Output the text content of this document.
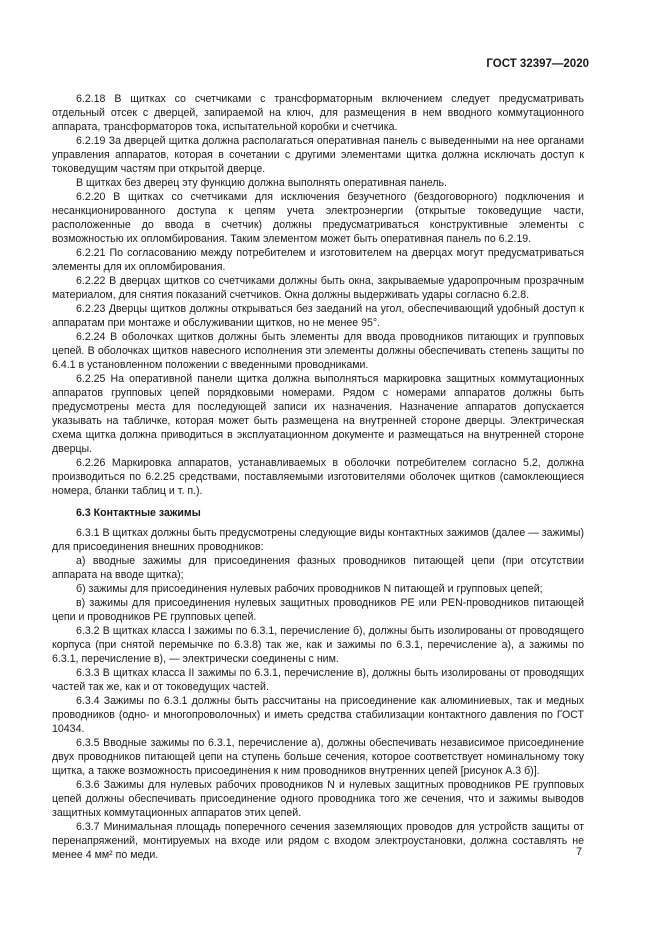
ГОСТ 32397—2020

6.2.18 В щитках со счетчиками с трансформаторным включением следует предусматривать отдельный отсек с дверцей, запираемой на ключ, для размещения в нем вводного коммутационного аппарата, трансформаторов тока, испытательной коробки и счетчика.

6.2.19 За дверцей щитка должна располагаться оперативная панель с выведенными на нее органами управления аппаратов, которая в сочетании с другими элементами щитка должна исключать доступ к токоведущим частям при открытой дверце.

В щитках без дверец эту функцию должна выполнять оперативная панель.

6.2.20 В щитках со счетчиками для исключения безучетного (бездоговорного) подключения и несанкционированного доступа к цепям учета электроэнергии (открытые токоведущие части, расположенные до ввода в счетчик) должны предусматриваться конструктивные элементы с возможностью их опломбирования. Таким элементом может быть оперативная панель по 6.2.19.

6.2.21 По согласованию между потребителем и изготовителем на дверцах могут предусматриваться элементы для их опломбирования.

6.2.22 В дверцах щитков со счетчиками должны быть окна, закрываемые ударопрочным прозрачным материалом, для снятия показаний счетчиков. Окна должны выдерживать удары согласно 6.2.8.

6.2.23 Дверцы щитков должны открываться без заеданий на угол, обеспечивающий удобный доступ к аппаратам при монтаже и обслуживании щитков, но не менее 95°.

6.2.24 В оболочках щитков должны быть элементы для ввода проводников питающих и групповых цепей. В оболочках щитков навесного исполнения эти элементы должны обеспечивать степень защиты по 6.4.1 в установленном положении с введенными проводниками.

6.2.25 На оперативной панели щитка должна выполняться маркировка защитных коммутационных аппаратов групповых цепей порядковыми номерами. Рядом с номерами аппаратов должны быть предусмотрены места для последующей записи их назначения. Назначение аппаратов допускается указывать на табличке, которая может быть размещена на внутренней стороне дверцы. Электрическая схема щитка должна приводиться в эксплуатационном документе и размещаться на внутренней стороне дверцы.

6.2.26 Маркировка аппаратов, устанавливаемых в оболочки потребителем согласно 5.2, должна производиться по 6.2.25 средствами, поставляемыми изготовителями оболочек щитков (самоклеющиеся номера, бланки таблиц и т. п.).

6.3 Контактные зажимы

6.3.1 В щитках должны быть предусмотрены следующие виды контактных зажимов (далее — зажимы) для присоединения внешних проводников:

а) вводные зажимы для присоединения фазных проводников питающей цепи (при отсутствии аппарата на вводе щитка);

б) зажимы для присоединения нулевых рабочих проводников N питающей и групповых цепей;

в) зажимы для присоединения нулевых защитных проводников PE или PEN-проводников питающей цепи и проводников PE групповых цепей.

6.3.2 В щитках класса I зажимы по 6.3.1, перечисление б), должны быть изолированы от проводящего корпуса (при снятой перемычке по 6.3.8) так же, как и зажимы по 6.3.1, перечисление а), а зажимы по 6.3.1, перечисление в), — электрически соединены с ним.

6.3.3 В щитках класса II зажимы по 6.3.1, перечисление в), должны быть изолированы от проводящих частей так же, как и от токоведущих частей.

6.3.4 Зажимы по 6.3.1 должны быть рассчитаны на присоединение как алюминиевых, так и медных проводников (одно- и многопроволочных) и иметь средства стабилизации контактного давления по ГОСТ 10434.

6.3.5 Вводные зажимы по 6.3.1, перечисление а), должны обеспечивать независимое присоединение двух проводников питающей цепи на ступень больше сечения, которое соответствует номинальному току щитка, а также возможность присоединения к ним проводников внутренних цепей [рисунок А.3 б)].

6.3.6 Зажимы для нулевых рабочих проводников N и нулевых защитных проводников PE групповых цепей должны обеспечивать присоединение одного проводника того же сечения, что и зажимы выводов защитных коммутационных аппаратов этих цепей.

6.3.7 Минимальная площадь поперечного сечения заземляющих проводов для устройств защиты от перенапряжений, монтируемых на входе или рядом с входом электроустановки, должна составлять не менее 4 мм² по меди.	7
